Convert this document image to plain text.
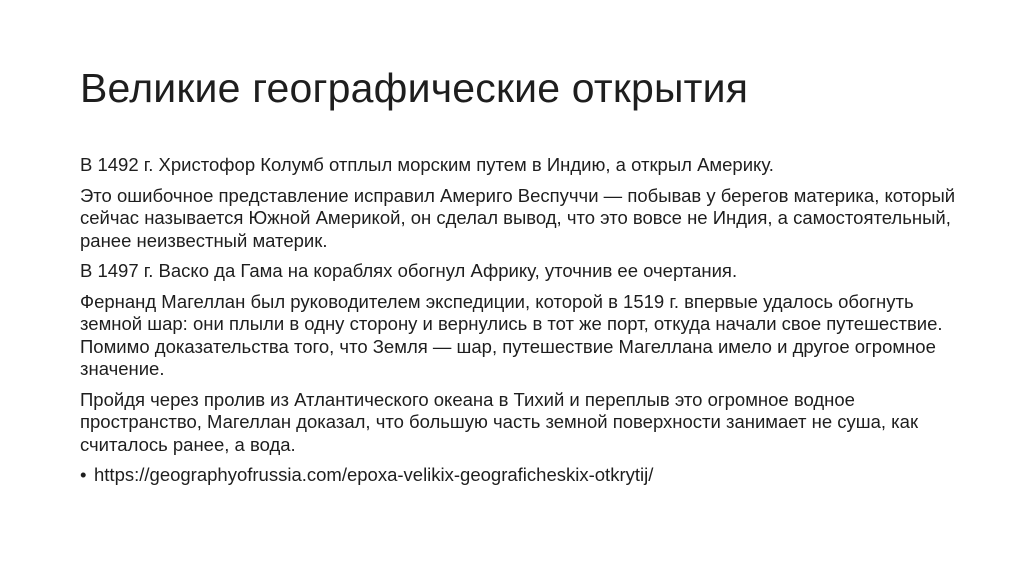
Великие географические открытия

В 1492 г. Христофор Колумб отплыл морским путем в Индию, а открыл Америку.

Это ошибочное представление исправил Америго Веспуччи — побывав у берегов материка, который сейчас называется Южной Америкой, он сделал вывод, что это вовсе не Индия, а самостоятельный, ранее неизвестный материк.

В 1497 г. Васко да Гама на кораблях обогнул Африку, уточнив ее очертания.

Фернанд Магеллан был руководителем экспедиции, которой в 1519 г. впервые удалось обогнуть земной шар: они плыли в одну сторону и вернулись в тот же порт, откуда начали свое путешествие. Помимо доказательства того, что Земля — шар, путешествие Магеллана имело и другое огромное значение.

Пройдя через пролив из Атлантического океана в Тихий и переплыв это огромное водное пространство, Магеллан доказал, что большую часть земной поверхности занимает не суша, как считалось ранее, а вода.

• https://geographyofrussia.com/epoxa-velikix-geograficheskix-otkrytij/
